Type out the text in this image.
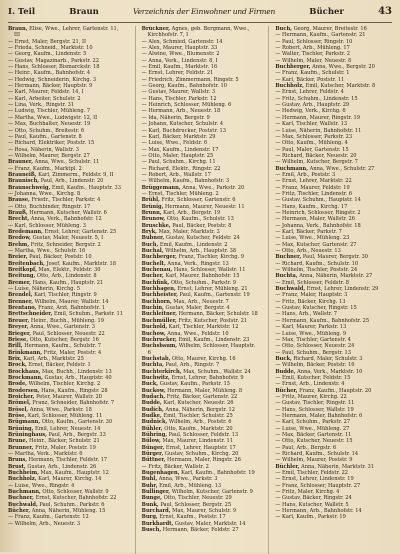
I. Teil	Braun	Verzeichnis der Einwohner und Firmen	Bücher	43

Braun, Elise, Wwe., Lehrer, Gartenstr. 11, III

— Ernst, Maler, Bergstr. 21, II

— Frieda, Schneid., Marktstr. 10

— Georg, Kaufm., Lindenstr. 5

— Gustav, Magazinarb., Parkstr. 22

— Hans, Schlosser, Bismarckstr. 18

— Heinr., Kaufm., Bahnhofstr. 4

— Hedwig, Schneiderin, Kirchg. 3

— Hermann, Bäcker, Hauptstr. 9

— Karl, Maurer, Feldstr. 14, I

— Karl, Arbeiter, Schulstr. 2

— Lina, Verk., Ringstr. 31

— Ludwig, Tischler, Mühleng. 7

— Martha, Wwe., Ludwigstr. 12, II

— Max, Buchhalter, Neuestr. 19

— Otto, Schuhm., Breitestr. 6

— Paul, Kaufm., Gartenstr. 8

— Richard, Elektriker, Poststr. 15

— Rosa, Näherin, Wallstr. 3

— Wilhelm, Maurer, Bergstr. 27

Brauner, Anna, Wwe., Schulstr. 11

— Franz, Kaufm., Marktpl. 2

Brauneiß, Karl, Zimmerm., Feldstr. 9, II

Braunisch, Paul, Arb., Lindenstr. 20

Braunschweig, Emil, Kaufm., Hauptstr. 33

— Johanna, Wwe., Kirchg. 8

Brause, Friedr., Tischler, Parkstr. 4

— Otto, Buchbinder, Ringstr. 17

Brauß, Hermann, Kutscher, Wallstr. 6

Brecht, Anna, Verk., Bahnhofstr. 12

— Karl, Schlosser, Mühleng. 3

Bredemann, Ernst, Lehrer, Gartenstr. 25

Bredow, Gustav, Maler, Neuestr. 5, I

Brehm, Fritz, Schneider, Bergstr. 2

— Martha, Wwe., Schulstr. 16

Breier, Paul, Bäcker, Poststr. 10

Breitenbach, Josef, Kaufm., Marktstr. 18

Breitkopf, Max, Elektr., Feldstr. 30

Breitung, Otto, Arb., Lindenstr. 8

Bremer, Hans, Kaufm., Hauptstr. 21

— Luise, Näherin, Kirchg. 5

Brendel, Karl, Tischler, Ringstr. 9

Brenner, Wilhelm, Maurer, Wallstr. 14

Brentano, Franz, Arzt, Bahnhofstr. 1

Brettschneider, Emil, Schuhm., Parkstr. 11

Breuer, Heinr., Buchh., Mühleng. 19

Breyer, Anna, Wwe., Gartenstr. 3

Brieger, Paul, Schlosser, Neuestr. 22

Briese, Otto, Kutscher, Bergstr. 16

Brill, Hermann, Kaufm., Schulstr. 7

Brinkmann, Fritz, Maler, Poststr. 4

Brix, Karl, Arb., Marktstr. 25

Brock, Ernst, Bäcker, Feldstr. 1

Brockhaus, Max, Buchh., Lindenstr. 13

Brockmann, Gustav, Arb., Hauptstr. 40

Brode, Wilhelm, Tischler, Kirchg. 2

Brodersen, Hans, Kaufm., Ringstr. 28

Broicher, Peter, Maurer, Wallstr. 20

Brömel, Franz, Schneider, Bahnhofstr. 7

Brösel, Anna, Wwe., Parkstr. 18

Bröse, Karl, Schlosser, Mühleng. 11

Brügmann, Otto, Kaufm., Gartenstr. 30

Brüning, Emil, Lehrer, Neuestr. 14

Brüninghaus, Paul, Arb., Bergstr. 33

Brune, Heinr., Bäcker, Schulstr. 21

Brunner, Fritz, Maler, Poststr. 19

— Martha, Verk., Marktstr. 6

Bruns, Hermann, Tischler, Feldstr. 17

Brust, Gustav, Arb., Lindenstr. 26

Buchheim, Max, Kaufm., Hauptstr. 12

Buchholz, Karl, Maurer, Kirchg. 14

— Luise, Wwe., Ringstr. 4

Buchmann, Otto, Schlosser, Wallstr. 9

Buchner, Ernst, Kutscher, Bahnhofstr. 22

Buchwald, Paul, Schuhm., Parkstr. 6

Bücher, Anna, Näherin, Mühleng. 15

— Franz, Kaufm., Gartenstr. 12

— Wilhelm, Arb., Neuestr. 3

Brückner, Agnes, geb. Bergmann, Wwe., Kirchhofstr. 7, I

— Alex, Schmied, Gartenstr. 14

— Alex, Maurer, Hauptstr. 33

— Alwine, Wwe., Blumenstr. 2

— Anna, Verk., Lindenstr. 8, I

— Emil, Kaufm., Marktstr. 16

— Ernst, Lehrer, Feldstr. 21

— Friedrich, Zimmermann, Ringstr. 5

— Georg, Kaufm., Bahnhofstr. 10

— Gustav, Maurer, Wallstr. 3

— Hans, Tischler, Parkstr. 12

— Heinrich, Schlosser, Mühleng. 6

— Hermann, Arb., Neuestr. 18

— Ida, Näherin, Bergstr. 9

— Johann, Kutscher, Schulstr. 4

— Karl, Buchdrucker, Poststr. 13

— Karl, Bäcker, Marktstr. 29

— Luise, Wwe., Feldstr. 6

— Max, Kaufm., Lindenstr. 17

— Otto, Maler, Hauptstr. 25

— Paul, Schuhm., Kirchg. 11

— Richard, Elektr., Ringstr. 22

— Robert, Arb., Wallstr. 17

— Wilhelm, Kaufm., Bahnhofstr. 3

Brüggemann, Anna, Wwe., Parkstr. 20

— Ernst, Tischler, Mühleng. 2

Brühl, Fritz, Schlosser, Gartenstr. 6

Brünig, Hermann, Maurer, Neuestr. 11

Brunn, Karl, Arb., Bergstr. 19

Brunow, Otto, Kaufm., Schulstr. 13

Bruschke, Paul, Bäcker, Poststr. 8

Bryk, Max, Maler, Marktstr. 3

Bubner, Gustav, Kutscher, Feldstr. 24

Buch, Emil, Kaufm., Lindenstr. 2

Buchal, Wilhelm, Arb., Hauptstr. 38

Buchberger, Franz, Tischler, Kirchg. 9

Buchelt, Anna, Verk., Ringstr. 13

Buchenau, Hans, Schlosser, Wallstr. 11

Bucher, Karl, Maurer, Bahnhofstr. 15

Buchfink, Otto, Schuhm., Parkstr. 9

Buchhagen, Ernst, Lehrer, Mühleng. 21

Buchheister, Paul, Kaufm., Gartenstr. 19

Buchhorn, Max, Arb., Neuestr. 7

Buchin, Gustav, Maler, Bergstr. 4

Buchleitner, Hermann, Bäcker, Schulstr. 18

Buchmüller, Fritz, Kutscher, Poststr. 21

Buchold, Karl, Tischler, Marktstr. 12

Buchow, Anna, Wwe., Feldstr. 10

Buchrucker, Emil, Kaufm., Lindenstr. 23

Buchsbaum, Wilhelm, Schlosser, Hauptstr. 6

Buchstab, Otto, Maurer, Kirchg. 16

Buchta, Paul, Arb., Ringstr. 7

Buchterkirch, Max, Schuhm., Wallstr. 24

Buchwitz, Ernst, Lehrer, Bahnhofstr. 9

Buck, Gustav, Kaufm., Parkstr. 15

Buckow, Hermann, Maler, Mühleng. 8

Budach, Fritz, Bäcker, Gartenstr. 22

Budde, Karl, Kutscher, Neuestr. 26

Budich, Anna, Näherin, Bergstr. 12

Budke, Emil, Tischler, Schulstr. 25

Budnick, Wilhelm, Arb., Poststr. 6

Bühler, Otto, Kaufm., Marktstr. 20

Bühring, Paul, Schlosser, Feldstr. 13

Bülow, Max, Maurer, Lindenstr. 11

Bünger, Ernst, Lehrer, Hauptstr. 17

Bürger, Gustav, Schuhm., Kirchg. 20

Büttner, Hermann, Maler, Ringstr. 26

— Fritz, Bäcker, Wallstr. 2

Bugenhagen, Karl, Kaufm., Bahnhofstr. 19

Buhl, Anna, Wwe., Parkstr. 3

Buhr, Emil, Arb., Mühleng. 13

Bullinger, Wilhelm, Kutscher, Gartenstr. 9

Bunge, Otto, Tischler, Neuestr. 29

Bunk, Paul, Schlosser, Bergstr. 25

Burchard, Max, Maurer, Schulstr. 9

Burg, Ernst, Kaufm., Poststr. 17

Burkhardt, Gustav, Maler, Marktstr. 14

Busch, Hermann, Bäcker, Feldstr. 27

Buch, Georg, Maurer, Breitestr. 16

— Hermann, Kaufm., Gartenstr. 21

— Paul, Schlosser, Ringstr. 10

— Robert, Arb., Mühleng. 17

— Walter, Tischler, Parkstr. 2

— Wilhelm, Maler, Neuestr. 8

Buchberger, Anna, Wwe., Bergstr. 20

— Franz, Kaufm., Schulstr. 1

— Karl, Bäcker, Poststr. 11

Buchholz, Emil, Kutscher, Marktstr. 8

— Ernst, Lehrer, Feldstr. 4

— Fritz, Schuhm., Lindenstr. 15

— Gustav, Arb., Hauptstr. 29

— Hedwig, Verk., Kirchg. 6

— Hermann, Maurer, Ringstr. 19

— Karl, Tischler, Wallstr. 13

— Luise, Näherin, Bahnhofstr. 11

— Max, Schlosser, Parkstr. 23

— Otto, Kaufm., Mühleng. 4

— Paul, Maler, Gartenstr. 15

— Richard, Bäcker, Neuestr. 20

— Wilhelm, Kutscher, Bergstr. 7

Buchmann, Anna, Wwe., Schulstr. 27

— Emil, Arb., Poststr. 3

— Ernst, Lehrer, Marktstr. 22

— Franz, Maurer, Feldstr. 19

— Fritz, Tischler, Lindenstr. 6

— Gustav, Schuhm., Hauptstr. 14

— Hans, Kaufm., Kirchg. 17

— Heinrich, Schlosser, Ringstr. 2

— Hermann, Maler, Wallstr. 26

— Johanna, Verk., Bahnhofstr. 18

— Karl, Bäcker, Parkstr. 7

— Luise, Wwe., Mühleng. 23

— Max, Kutscher, Gartenstr. 27

— Otto, Arb., Neuestr. 13

Buchner, Paul, Maurer, Bergstr. 30

— Richard, Kaufm., Schulstr. 10

— Wilhelm, Tischler, Poststr. 24

Buchta, Anna, Näherin, Marktstr. 27

— Emil, Schlosser, Feldstr. 8

Buchwald, Ernst, Lehrer, Lindenstr. 29

— Franz, Maler, Hauptstr. 3

— Fritz, Bäcker, Kirchg. 13

— Gustav, Kutscher, Ringstr. 15

— Hans, Arb., Wallstr. 7

— Hermann, Kaufm., Bahnhofstr. 25

— Karl, Maurer, Parkstr. 13

— Luise, Wwe., Mühleng. 9

— Max, Tischler, Gartenstr. 4

— Otto, Schlosser, Neuestr. 24

— Paul, Schuhm., Bergstr. 13

Buck, Richard, Maler, Schulstr. 3

— Wilhelm, Bäcker, Poststr. 16

Budde, Anna, Verk., Marktstr. 10

— Emil, Kutscher, Feldstr. 15

— Ernst, Arb., Lindenstr. 4

Bücher, Franz, Kaufm., Hauptstr. 20

— Fritz, Maurer, Kirchg. 22

— Gustav, Tischler, Ringstr. 11

— Hans, Schlosser, Wallstr. 19

— Hermann, Maler, Bahnhofstr. 6

— Karl, Schuhm., Parkstr. 27

— Luise, Wwe., Mühleng. 27

— Max, Bäcker, Gartenstr. 11

— Otto, Kutscher, Neuestr. 15

— Paul, Arb., Bergstr. 6

— Richard, Kaufm., Schulstr. 14

— Wilhelm, Maurer, Poststr. 9

Büchler, Anna, Näherin, Marktstr. 31

— Emil, Tischler, Feldstr. 22

— Ernst, Lehrer, Lindenstr. 19

— Franz, Schlosser, Hauptstr. 27

— Fritz, Maler, Kirchg. 4

— Gustav, Bäcker, Ringstr. 24

— Hans, Kutscher, Wallstr. 5

— Hermann, Arb., Bahnhofstr. 14

— Karl, Kaufm., Parkstr. 19
